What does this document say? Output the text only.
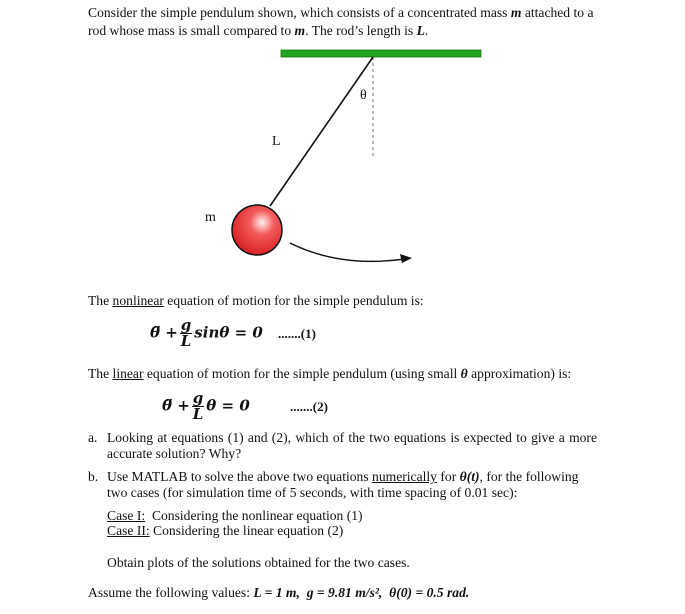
Consider the simple pendulum shown, which consists of a concentrated mass m attached to a
rod whose mass is small compared to m. The rod’s length is L.
θ
L
m
The nonlinear equation of motion for the simple pendulum is:
θ̈ + $\frac{g}{L}$ sinθ = 0 .......(1)
The linear equation of motion for the simple pendulum (using small θ approximation) is:
θ̈ + $\frac{g}{L}$ θ = 0	.......(2)
a. Looking at equations (1) and (2), which of the two equations is expected to give a more
accurate solution? Why?
b. Use MATLAB to solve the above two equations numerically for θ(t), for the following
two cases (for simulation time of 5 seconds, with time spacing of 0.01 sec):
Case I:  Considering the nonlinear equation (1)
Case II: Considering the linear equation (2)
Obtain plots of the solutions obtained for the two cases.
Assume the following values: L = 1 m, g = 9.81 m/s², θ(0) = 0.5 rad.
